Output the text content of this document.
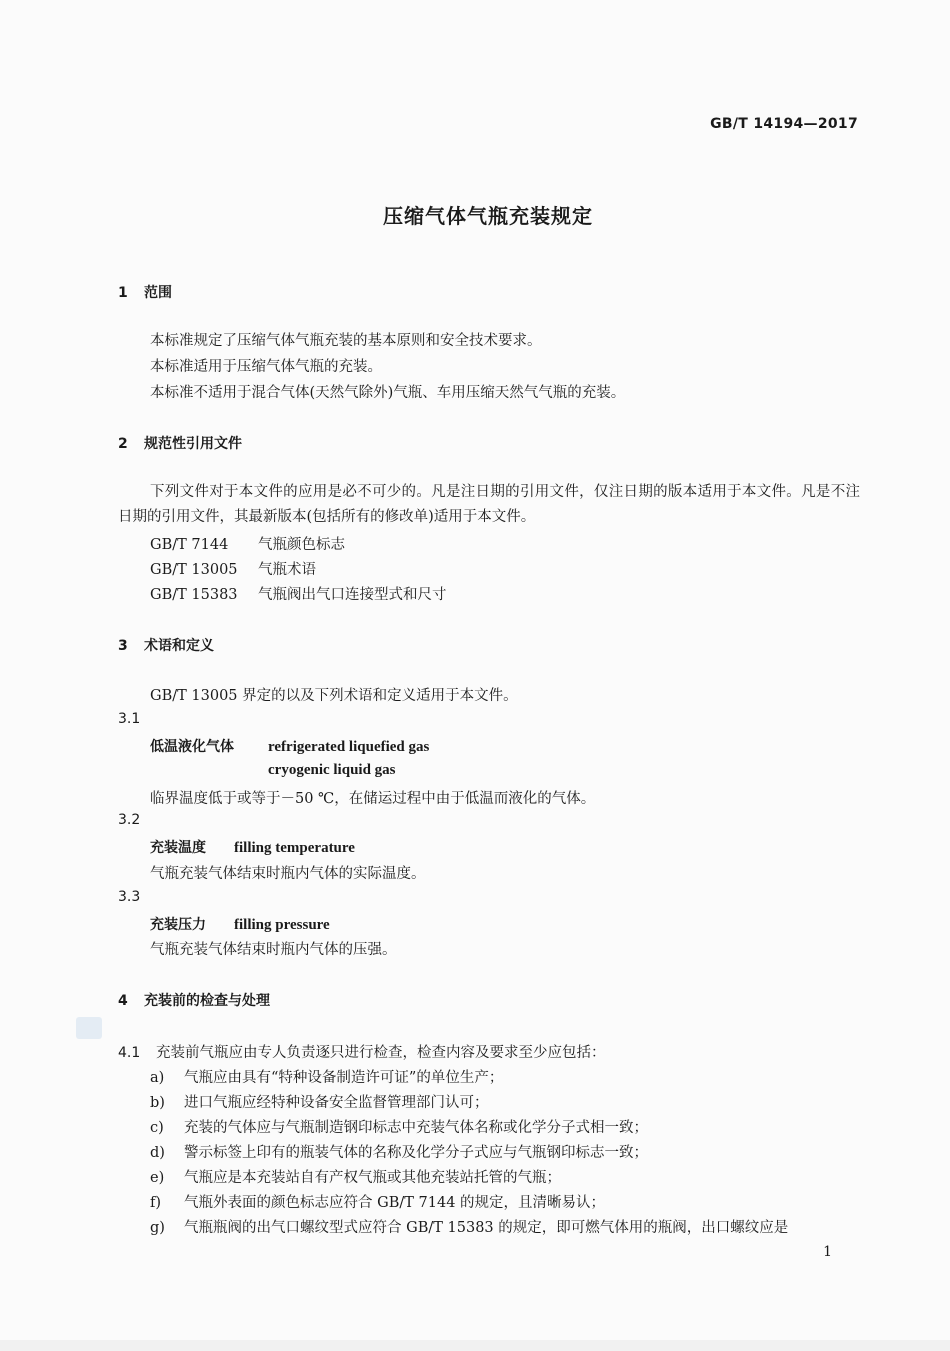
GB/T 14194—2017
压缩气体气瓶充装规定
1 范围
本标准规定了压缩气体气瓶充装的基本原则和安全技术要求。
本标准适用于压缩气体气瓶的充装。
本标准不适用于混合气体(天然气除外)气瓶、车用压缩天然气气瓶的充装。
2 规范性引用文件
下列文件对于本文件的应用是必不可少的。凡是注日期的引用文件，仅注日期的版本适用于本文件。凡是不注日期的引用文件，其最新版本(包括所有的修改单)适用于本文件。
GB/T 7144 气瓶颜色标志
GB/T 13005 气瓶术语
GB/T 15383 气瓶阀出气口连接型式和尺寸
3 术语和定义
GB/T 13005 界定的以及下列术语和定义适用于本文件。
3.1
低温液化气体 refrigerated liquefied gas
cryogenic liquid gas
临界温度低于或等于－50 ℃，在储运过程中由于低温而液化的气体。
3.2
充装温度 filling temperature
气瓶充装气体结束时瓶内气体的实际温度。
3.3
充装压力 filling pressure
气瓶充装气体结束时瓶内气体的压强。
4 充装前的检查与处理
4.1 充装前气瓶应由专人负责逐只进行检查，检查内容及要求至少应包括：
a) 气瓶应由具有“特种设备制造许可证”的单位生产；
b) 进口气瓶应经特种设备安全监督管理部门认可；
c) 充装的气体应与气瓶制造钢印标志中充装气体名称或化学分子式相一致；
d) 警示标签上印有的瓶装气体的名称及化学分子式应与气瓶钢印标志一致；
e) 气瓶应是本充装站自有产权气瓶或其他充装站托管的气瓶；
f) 气瓶外表面的颜色标志应符合 GB/T 7144 的规定，且清晰易认；
g) 气瓶瓶阀的出气口螺纹型式应符合 GB/T 15383 的规定，即可燃气体用的瓶阀，出口螺纹应是
1
